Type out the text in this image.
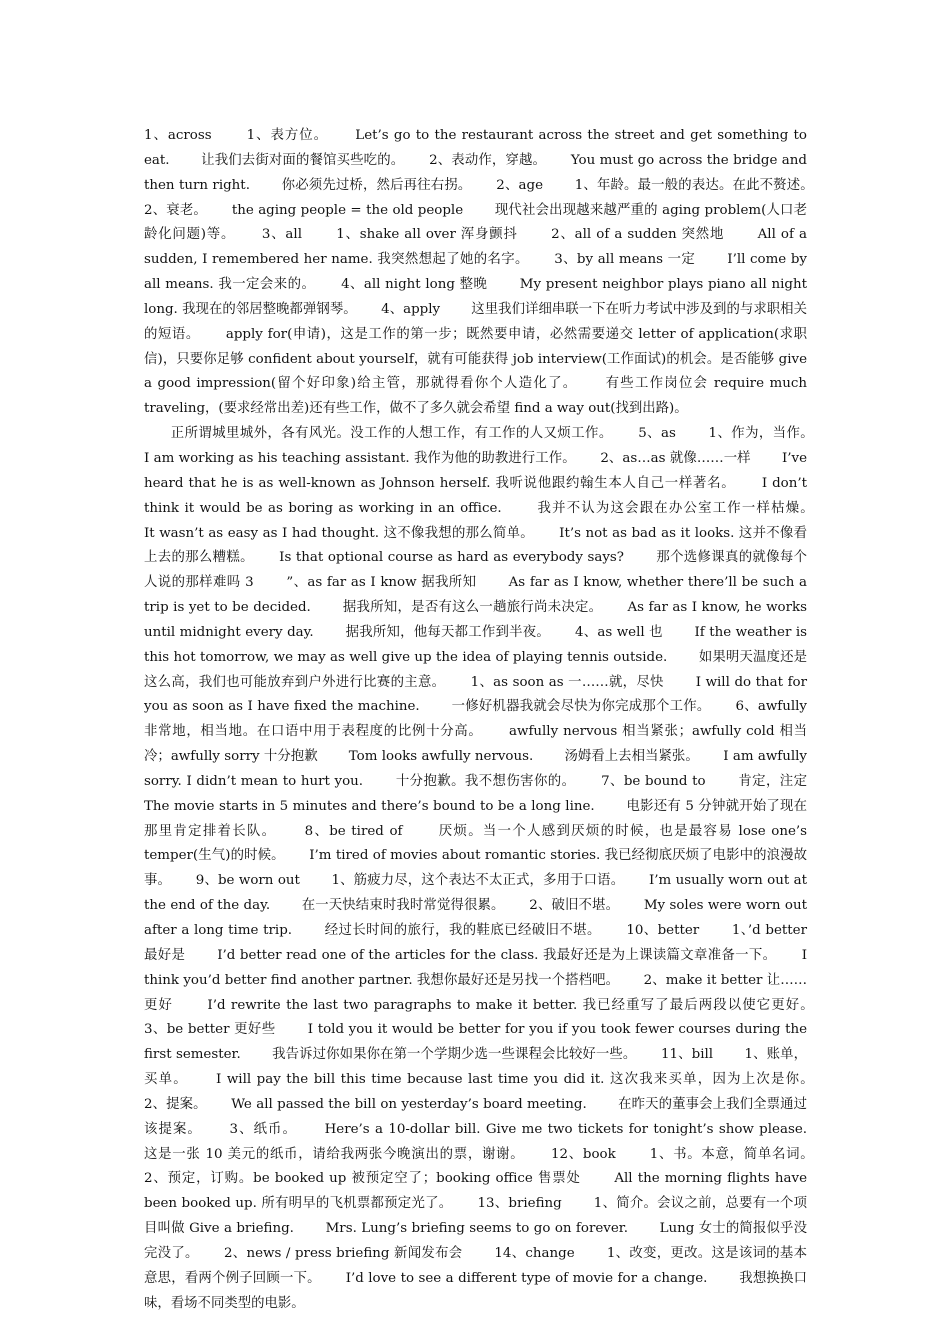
1、across　　 1、表方位。　　 Let’s go to the restaurant across the street and get something to eat.　　 让我们去街对面的餐馆买些吃的。　　 2、表动作，穿越。　　 You must go across the bridge and then turn right.　　 你必须先过桥，然后再往右拐。　　 2、age　　 1、年龄。最一般的表达。在此不赘述。　　 2、衰老。　　 the aging people = the old people　　 现代社会出现越来越严重的 aging problem(人口老龄化问题)等。　　 3、all　　 1、shake all over 浑身颤抖　　 2、all of a sudden 突然地　　 All of a sudden, I remembered her name. 我突然想起了她的名字。　　 3、by all means 一定　　 I’ll come by all means. 我一定会来的。　　 4、all night long 整晚　　 My present neighbor plays piano all night long. 我现在的邻居整晚都弹钢琴。　　 4、apply　　 这里我们详细串联一下在听力考试中涉及到的与求职相关的短语。　　 apply for(申请)，这是工作的第一步；既然要申请，必然需要递交 letter of application(求职信)，只要你足够 confident about yourself，就有可能获得 job interview(工作面试)的机会。是否能够 give a good impression(留个好印象)给主管，那就得看你个人造化了。　　 有些工作岗位会 require much traveling，(要求经常出差)还有些工作，做不了多久就会希望 find a way out(找到出路)。

正所谓城里城外，各有风光。没工作的人想工作，有工作的人又烦工作。　　 5、as　　 1、作为，当作。　　 I am working as his teaching assistant. 我作为他的助教进行工作。　　 2、as…as 就像……一样　　 I’ve heard that he is as well-known as Johnson herself. 我听说他跟约翰生本人自己一样著名。　　 I don’t think it would be as boring as working in an office.　　 我并不认为这会跟在办公室工作一样枯燥。　　 It wasn’t as easy as I had thought. 这不像我想的那么简单。　　 It’s not as bad as it looks. 这并不像看上去的那么糟糕。　　 Is that optional course as hard as everybody says?　　 那个选修课真的就像每个人说的那样难吗 3　　 ”、as far as I know 据我所知　　 As far as I know, whether there’ll be such a trip is yet to be decided.　　 据我所知，是否有这么一趟旅行尚未决定。　　 As far as I know, he works until midnight every day.　　 据我所知，他每天都工作到半夜。　　 4、as well 也　　 If the weather is this hot tomorrow, we may as well give up the idea of playing tennis outside.　　 如果明天温度还是这么高，我们也可能放弃到户外进行比赛的主意。　　 1、as soon as 一……就，尽快　　 I will do that for you as soon as I have fixed the machine.　　 一修好机器我就会尽快为你完成那个工作。　　 6、awfully　　 非常地，相当地。在口语中用于表程度的比例十分高。　　 awfully nervous 相当紧张；awfully cold 相当冷；awfully sorry 十分抱歉　　 Tom looks awfully nervous.　　 汤姆看上去相当紧张。　　 I am awfully sorry. I didn’t mean to hurt you.　　 十分抱歉。我不想伤害你的。　　 7、be bound to　　 肯定，注定　　 The movie starts in 5 minutes and there’s bound to be a long line.　　 电影还有 5 分钟就开始了现在那里肯定排着长队。　　 8、be tired of　　 厌烦。当一个人感到厌烦的时候，也是最容易 lose one’s temper(生气)的时候。　　 I’m tired of movies about romantic stories. 我已经彻底厌烦了电影中的浪漫故事。　　 9、be worn out　　 1、筋疲力尽，这个表达不太正式，多用于口语。　　 I’m usually worn out at the end of the day.　　 在一天快结束时我时常觉得很累。　　 2、破旧不堪。　　 My soles were worn out after a long time trip.　　 经过长时间的旅行，我的鞋底已经破旧不堪。　　 10、better　　 1、’d better 最好是　　 I’d better read one of the articles for the class. 我最好还是为上课读篇文章准备一下。　　 I think you’d better find another partner. 我想你最好还是另找一个搭档吧。　　 2、make it better 让……更好　　 I’d rewrite the last two paragraphs to make it better. 我已经重写了最后两段以使它更好。　　 3、be better 更好些　　 I told you it would be better for you if you took fewer courses during the first semester.　　 我告诉过你如果你在第一个学期少选一些课程会比较好一些。　　 11、bill　　 1、账单，买单。　　 I will pay the bill this time because last time you did it. 这次我来买单，因为上次是你。　　 2、提案。　　 We all passed the bill on yesterday’s board meeting.　　 在昨天的董事会上我们全票通过该提案。　　 3、纸币。　　 Here’s a 10-dollar bill. Give me two tickets for tonight’s show please.　　 这是一张 10 美元的纸币，请给我两张今晚演出的票，谢谢。　　 12、book　　 1、书。本意，简单名词。　　 2、预定，订购。be booked up 被预定空了；booking office 售票处　　 All the morning flights have been booked up. 所有明早的飞机票都预定光了。　　 13、briefing　　 1、简介。会议之前，总要有一个项目叫做 Give a briefing.　　 Mrs. Lung’s briefing seems to go on forever.　　 Lung 女士的简报似乎没完没了。　　 2、news / press briefing 新闻发布会　　 14、change　　 1、改变，更改。这是该词的基本意思，看两个例子回顾一下。　　 I’d love to see a different type of movie for a change.　　 我想换换口味，看场不同类型的电影。
